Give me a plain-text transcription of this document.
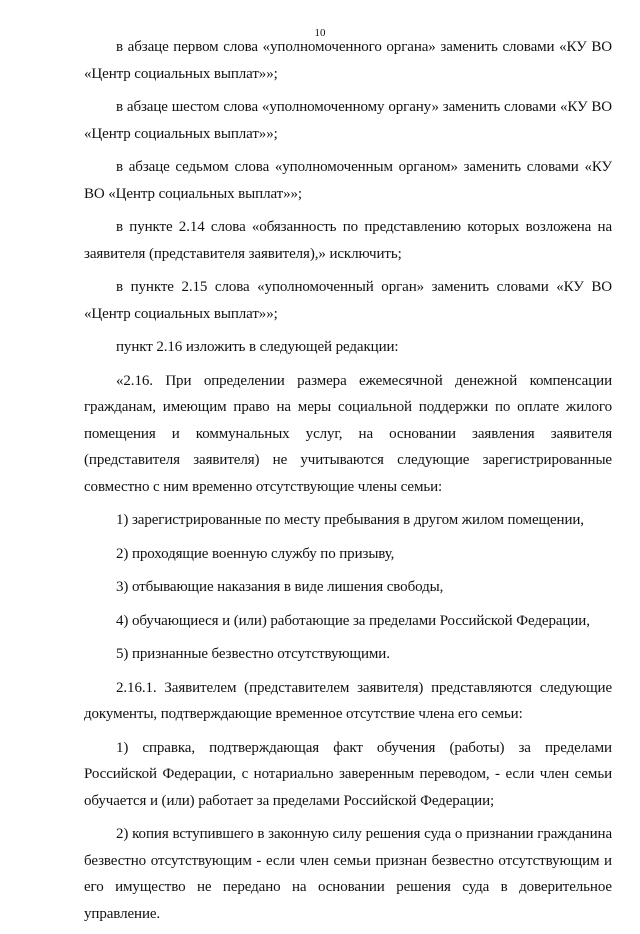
10

в абзаце первом слова «уполномоченного органа» заменить словами «КУ ВО «Центр социальных выплат»»;

в абзаце шестом слова «уполномоченному органу» заменить словами «КУ ВО «Центр социальных выплат»»;

в абзаце седьмом слова «уполномоченным органом» заменить словами «КУ ВО «Центр социальных выплат»»;

в пункте 2.14 слова «обязанность по представлению которых возложена на заявителя (представителя заявителя),» исключить;

в пункте 2.15 слова «уполномоченный орган» заменить словами «КУ ВО «Центр социальных выплат»»;

пункт 2.16 изложить в следующей редакции:

«2.16. При определении размера ежемесячной денежной компенсации гражданам, имеющим право на меры социальной поддержки по оплате жилого помещения и коммунальных услуг, на основании заявления заявителя (представителя заявителя) не учитываются следующие зарегистрированные совместно с ним временно отсутствующие члены семьи:

1) зарегистрированные по месту пребывания в другом жилом помещении,

2) проходящие военную службу по призыву,

3) отбывающие наказания в виде лишения свободы,

4) обучающиеся и (или) работающие за пределами Российской Федерации,

5) признанные безвестно отсутствующими.

2.16.1. Заявителем (представителем заявителя) представляются следующие документы, подтверждающие временное отсутствие члена его семьи:

1) справка, подтверждающая факт обучения (работы) за пределами Российской Федерации, с нотариально заверенным переводом, - если член семьи обучается и (или) работает за пределами Российской Федерации;

2) копия вступившего в законную силу решения суда о признании гражданина безвестно отсутствующим - если член семьи признан безвестно отсутствующим и его имущество не передано на основании решения суда в доверительное управление.
